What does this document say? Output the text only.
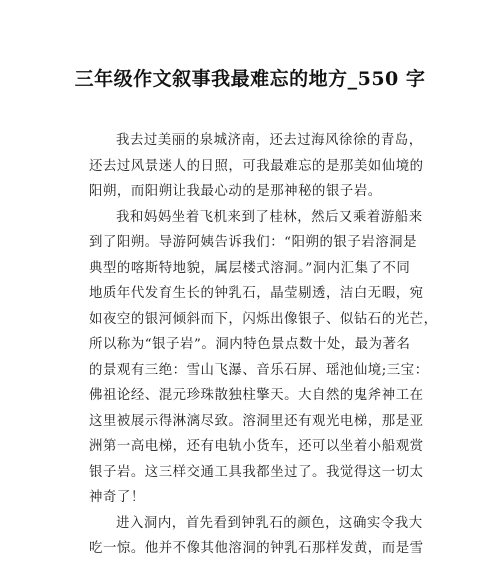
三年级作文叙事我最难忘的地方_550 字
我去过美丽的泉城济南，还去过海风徐徐的青岛，
还去过风景迷人的日照，可我最难忘的是那美如仙境的
阳朔，而阳朔让我最心动的是那神秘的银子岩。
我和妈妈坐着飞机来到了桂林，然后又乘着游船来
到了阳朔。导游阿姨告诉我们：“阳朔的银子岩溶洞是
典型的喀斯特地貌，属层楼式溶洞。”洞内汇集了不同
地质年代发育生长的钟乳石，晶莹剔透，洁白无暇，宛
如夜空的银河倾斜而下，闪烁出像银子、似钻石的光芒，
所以称为“银子岩”。洞内特色景点数十处，最为著名
的景观有三绝：雪山飞瀑、音乐石屏、瑶池仙境;三宝：
佛祖论经、混元珍珠散独柱擎天。大自然的鬼斧神工在
这里被展示得淋漓尽致。溶洞里还有观光电梯，那是亚
洲第一高电梯，还有电轨小货车，还可以坐着小船观赏
银子岩。这三样交通工具我都坐过了。我觉得这一切太
神奇了！
进入洞内，首先看到钟乳石的颜色，这确实令我大
吃一惊。他并不像其他溶洞的钟乳石那样发黄，而是雪
